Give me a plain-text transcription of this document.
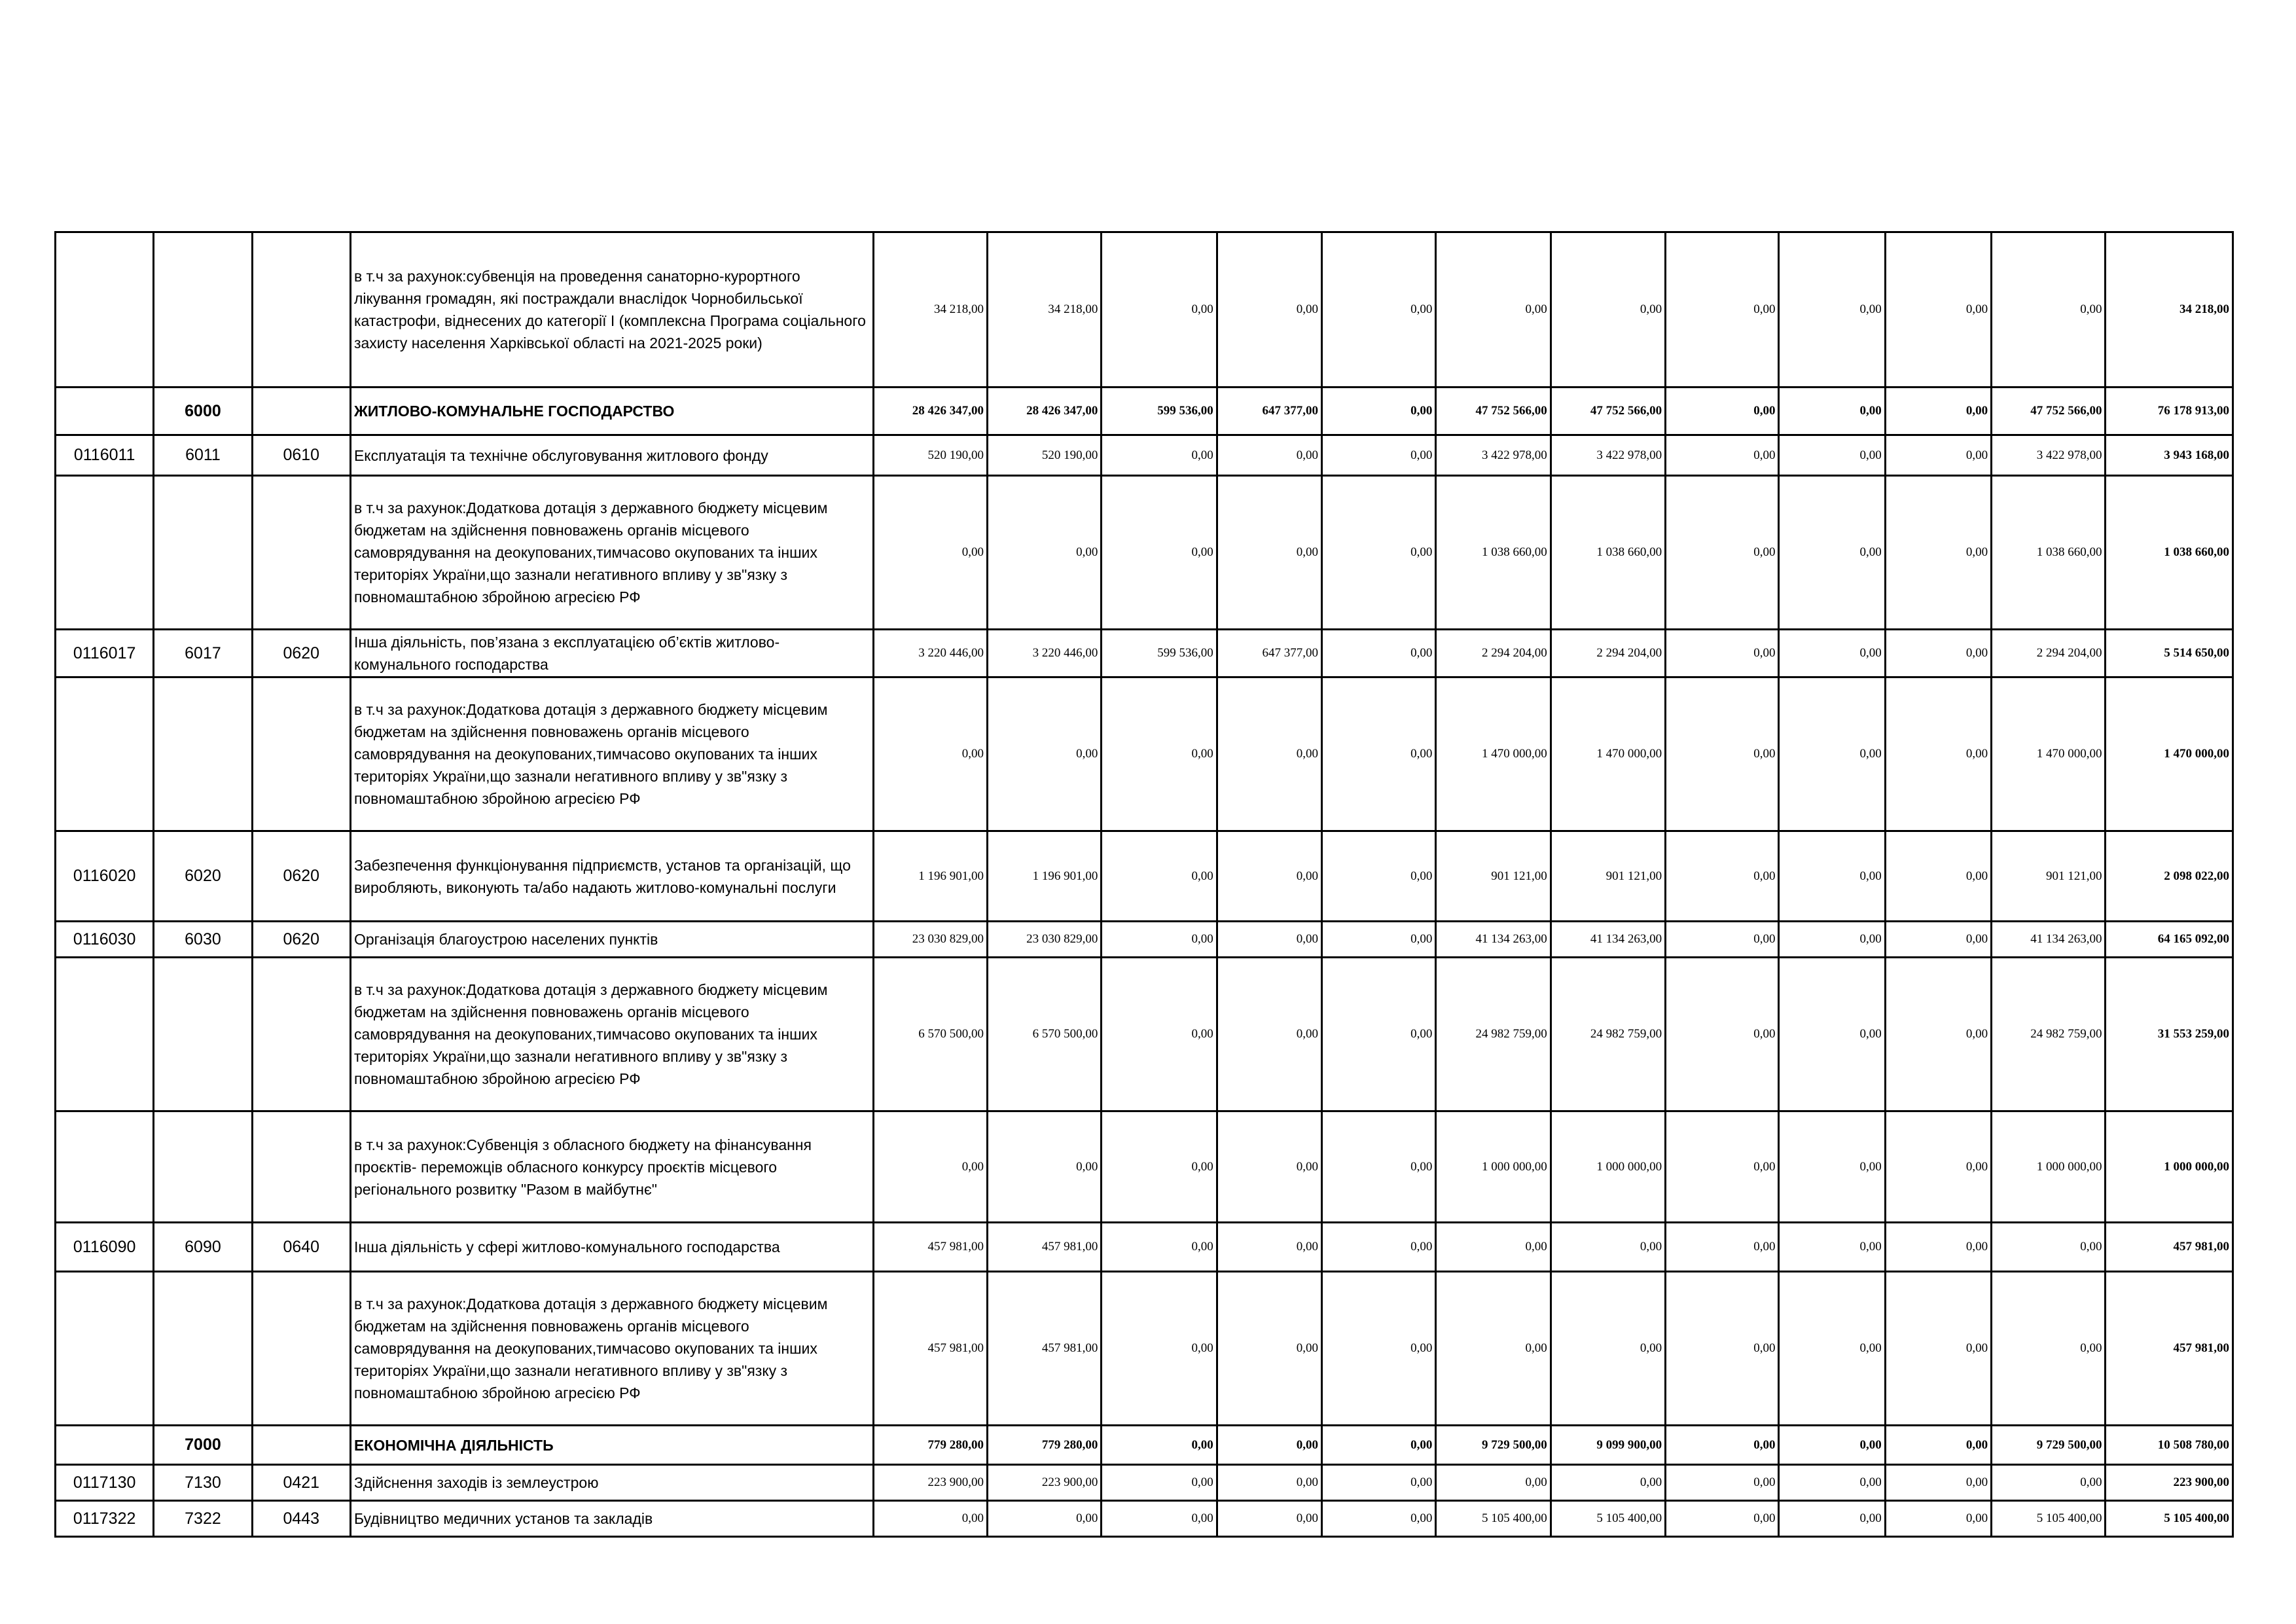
			в т.ч за рахунок:субвенція на проведення санаторно-курортного лікування громадян, які постраждали внаслідок Чорнобильської катастрофи, віднесених до категорії І (комплексна Програма соціального захисту населення Харківської області на 2021-2025 роки)	34 218,00	34 218,00	0,00	0,00	0,00	0,00	0,00	0,00	0,00	0,00	0,00	34 218,00
	6000		ЖИТЛОВО-КОМУНАЛЬНЕ ГОСПОДАРСТВО	28 426 347,00	28 426 347,00	599 536,00	647 377,00	0,00	47 752 566,00	47 752 566,00	0,00	0,00	0,00	47 752 566,00	76 178 913,00
0116011	6011	0610	Експлуатація та технічне обслуговування житлового фонду	520 190,00	520 190,00	0,00	0,00	0,00	3 422 978,00	3 422 978,00	0,00	0,00	0,00	3 422 978,00	3 943 168,00
			в т.ч за рахунок:Додаткова дотація з державного бюджету місцевим бюджетам на здійснення повноважень органів місцевого самоврядування на деокупованих,тимчасово окупованих та інших територіях України,що зазнали негативного впливу у зв"язку з повномаштабною збройною агресією РФ	0,00	0,00	0,00	0,00	0,00	1 038 660,00	1 038 660,00	0,00	0,00	0,00	1 038 660,00	1 038 660,00
0116017	6017	0620	Інша діяльність, пов’язана з експлуатацією об’єктів житлово-комунального господарства	3 220 446,00	3 220 446,00	599 536,00	647 377,00	0,00	2 294 204,00	2 294 204,00	0,00	0,00	0,00	2 294 204,00	5 514 650,00
			в т.ч за рахунок:Додаткова дотація з державного бюджету місцевим бюджетам на здійснення повноважень органів місцевого самоврядування на деокупованих,тимчасово окупованих та інших територіях України,що зазнали негативного впливу у зв"язку з повномаштабною збройною агресією РФ	0,00	0,00	0,00	0,00	0,00	1 470 000,00	1 470 000,00	0,00	0,00	0,00	1 470 000,00	1 470 000,00
0116020	6020	0620	Забезпечення функціонування підприємств, установ та організацій, що виробляють, виконують та/або надають житлово-комунальні послуги	1 196 901,00	1 196 901,00	0,00	0,00	0,00	901 121,00	901 121,00	0,00	0,00	0,00	901 121,00	2 098 022,00
0116030	6030	0620	Організація благоустрою населених пунктів	23 030 829,00	23 030 829,00	0,00	0,00	0,00	41 134 263,00	41 134 263,00	0,00	0,00	0,00	41 134 263,00	64 165 092,00
			в т.ч за рахунок:Додаткова дотація з державного бюджету місцевим бюджетам на здійснення повноважень органів місцевого самоврядування на деокупованих,тимчасово окупованих та інших територіях України,що зазнали негативного впливу у зв"язку з повномаштабною збройною агресією РФ	6 570 500,00	6 570 500,00	0,00	0,00	0,00	24 982 759,00	24 982 759,00	0,00	0,00	0,00	24 982 759,00	31 553 259,00
			в т.ч за рахунок:Субвенція з обласного бюджету на фінансування проєктів- переможців обласного конкурсу проєктів місцевого регіонального розвитку "Разом в майбутнє"	0,00	0,00	0,00	0,00	0,00	1 000 000,00	1 000 000,00	0,00	0,00	0,00	1 000 000,00	1 000 000,00
0116090	6090	0640	Інша діяльність у сфері житлово-комунального господарства	457 981,00	457 981,00	0,00	0,00	0,00	0,00	0,00	0,00	0,00	0,00	0,00	457 981,00
			в т.ч за рахунок:Додаткова дотація з державного бюджету місцевим бюджетам на здійснення повноважень органів місцевого самоврядування на деокупованих,тимчасово окупованих та інших територіях України,що зазнали негативного впливу у зв"язку з повномаштабною збройною агресією РФ	457 981,00	457 981,00	0,00	0,00	0,00	0,00	0,00	0,00	0,00	0,00	0,00	457 981,00
	7000		ЕКОНОМІЧНА ДІЯЛЬНІСТЬ	779 280,00	779 280,00	0,00	0,00	0,00	9 729 500,00	9 099 900,00	0,00	0,00	0,00	9 729 500,00	10 508 780,00
0117130	7130	0421	Здійснення заходів із землеустрою	223 900,00	223 900,00	0,00	0,00	0,00	0,00	0,00	0,00	0,00	0,00	0,00	223 900,00
0117322	7322	0443	Будівництво медичних установ та закладів	0,00	0,00	0,00	0,00	0,00	5 105 400,00	5 105 400,00	0,00	0,00	0,00	5 105 400,00	5 105 400,00
